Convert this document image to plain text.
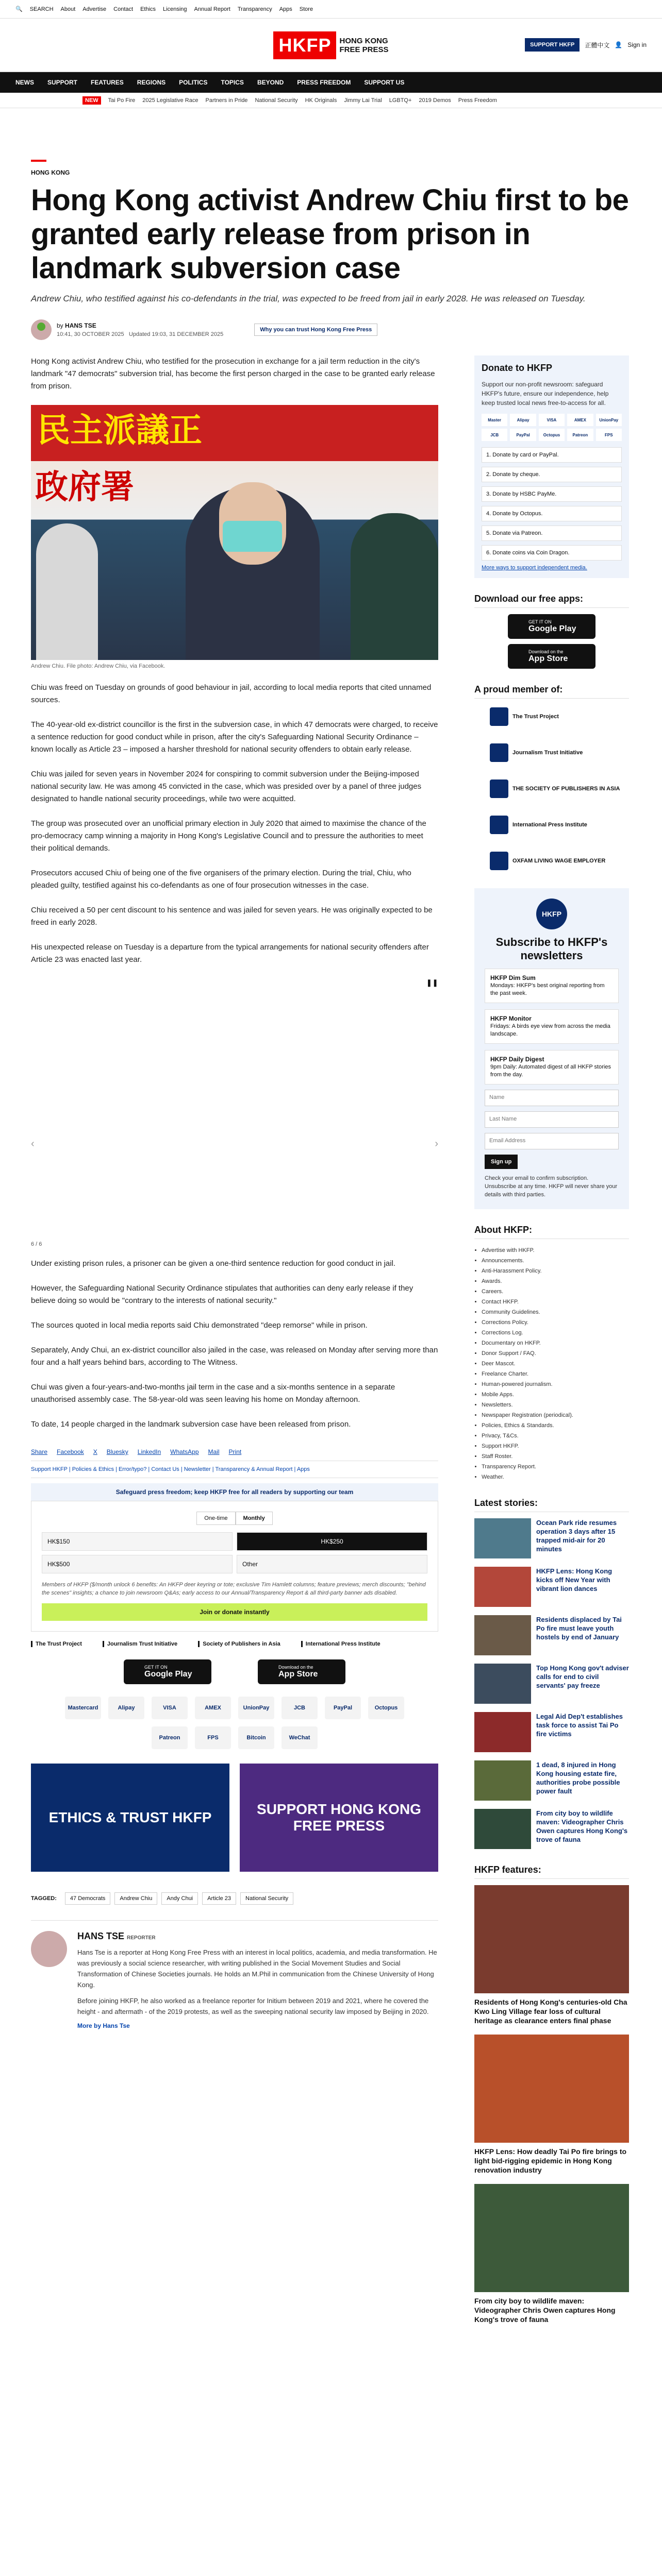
🔍 SEARCH About Advertise Contact Ethics Licensing Annual Report Transparency Apps Store
HKFP	HONG KONG
FREE PRESS
SUPPORT HKFP	正體中文 👤 Sign in
NEWS SUPPORT FEATURES REGIONS POLITICS TOPICS BEYOND PRESS FREEDOM SUPPORT US
NEW	Tai Po Fire 2025 Legislative Race Partners in Pride National Security HK Originals Jimmy Lai Trial LGBTQ+ 2019 Demos Press Freedom
HONG KONG
Hong Kong activist Andrew Chiu first to be granted early release from prison in landmark subversion case

Andrew Chiu, who testified against his co-defendants in the trial, was expected to be freed from jail in early 2028. He was released on Tuesday.

by HANS TSE
10:41, 30 OCTOBER 2025 Updated 19:03, 31 DECEMBER 2025
Why you can trust Hong Kong Free Press

Hong Kong activist Andrew Chiu, who testified for the prosecution in exchange for a jail term reduction in the city's landmark "47 democrats" subversion trial, has become the first person charged in the case to be granted early release from prison.

民主派議正
政府署
Andrew Chiu. File photo: Andrew Chiu, via Facebook.

Chiu was freed on Tuesday on grounds of good behaviour in jail, according to local media reports that cited unnamed sources.

The 40-year-old ex-district councillor is the first in the subversion case, in which 47 democrats were charged, to receive a sentence reduction for good conduct while in prison, after the city's Safeguarding National Security Ordinance – known locally as Article 23 – imposed a harsher threshold for national security offenders to obtain early release.

Chiu was jailed for seven years in November 2024 for conspiring to commit subversion under the Beijing-imposed national security law. He was among 45 convicted in the case, which was presided over by a panel of three judges designated to handle national security proceedings, while two were acquitted.

The group was prosecuted over an unofficial primary election in July 2020 that aimed to maximise the chance of the pro-democracy camp winning a majority in Hong Kong's Legislative Council and to pressure the authorities to meet their political demands.

Prosecutors accused Chiu of being one of the five organisers of the primary election. During the trial, Chiu, who pleaded guilty, testified against his co-defendants as one of four prosecution witnesses in the case.

Chiu received a 50 per cent discount to his sentence and was jailed for seven years. He was originally expected to be freed in early 2028.

His unexpected release on Tuesday is a departure from the typical arrangements for national security offenders after Article 23 was enacted last year.

‹	›
❚❚
6 / 6

Under existing prison rules, a prisoner can be given a one-third sentence reduction for good conduct in jail.

However, the Safeguarding National Security Ordinance stipulates that authorities can deny early release if they believe doing so would be "contrary to the interests of national security."

The sources quoted in local media reports said Chiu demonstrated "deep remorse" while in prison.

Separately, Andy Chui, an ex-district councillor also jailed in the case, was released on Monday after serving more than four and a half years behind bars, according to The Witness.

Chui was given a four-years-and-two-months jail term in the case and a six-months sentence in a separate unauthorised assembly case. The 58-year-old was seen leaving his home on Monday afternoon.

To date, 14 people charged in the landmark subversion case have been released from prison.

Share Facebook X Bluesky LinkedIn WhatsApp Mail Print
Support HKFP | Policies & Ethics | Error/typo? | Contact Us | Newsletter | Transparency & Annual Report | Apps
Safeguard press freedom; keep HKFP free for all readers by supporting our team
One-time	Monthly
HK$150	HK$250
HK$500	Other
Members of HKFP ($/month unlock 6 benefits: An HKFP deer keyring or tote; exclusive Tim Hamlett columns; feature previews; merch discounts; "behind the scenes" insights; a chance to join newsroom Q&As; early access to our Annual/Transparency Report & all third-party banner ads disabled.
Join or donate instantly
The Trust Project	Journalism Trust Initiative	Society of Publishers in Asia	International Press Institute
GET IT ON
Google Play
Download on the
App Store
Mastercard	Alipay	VISA	AMEX	UnionPay	JCB	PayPal	Octopus
Patreon	FPS	Bitcoin	WeChat
ETHICS & TRUST HKFP
SUPPORT HONG KONG FREE PRESS
TAGGED:	47 Democrats	Andrew Chiu	Andy Chui	Article 23	National Security
HANS TSE REPORTER

Hans Tse is a reporter at Hong Kong Free Press with an interest in local politics, academia, and media transformation. He was previously a social science researcher, with writing published in the Social Movement Studies and Social Transformation of Chinese Societies journals. He holds an M.Phil in communication from the Chinese University of Hong Kong.

Before joining HKFP, he also worked as a freelance reporter for Initium between 2019 and 2021, where he covered the height - and aftermath - of the 2019 protests, as well as the sweeping national security law imposed by Beijing in 2020.

More by Hans Tse
Donate to HKFP
Support our non-profit newsroom: safeguard HKFP's future, ensure our independence, help keep trusted local news free-to-access for all.
Master	Alipay	VISA	AMEX	UnionPay
JCB	PayPal	Octopus	Patreon	FPS
1. Donate by card or PayPal.
2. Donate by cheque.
3. Donate by HSBC PayMe.
4. Donate by Octopus.
5. Donate via Patreon.
6. Donate coins via Coin Dragon.
More ways to support independent media.
Download our free apps:
GET IT ON
Google Play
Download on the
App Store
A proud member of:
The Trust Project
Journalism Trust Initiative
THE SOCIETY OF PUBLISHERS IN ASIA
International Press Institute
OXFAM LIVING WAGE EMPLOYER
HKFP
Subscribe to HKFP's newsletters
HKFP Dim Sum
Mondays: HKFP's best original reporting from the past week.
HKFP Monitor
Fridays: A birds eye view from across the media landscape.
HKFP Daily Digest
9pm Daily: Automated digest of all HKFP stories from the day.
Name
Last Name
Email Address
Sign up
Check your email to confirm subscription. Unsubscribe at any time. HKFP will never share your details with third parties.
About HKFP:
• Advertise with HKFP.
• Announcements.
• Anti-Harassment Policy.
• Awards.
• Careers.
• Contact HKFP.
• Community Guidelines.
• Corrections Policy.
• Corrections Log.
• Documentary on HKFP.
• Donor Support / FAQ.
• Deer Mascot.
• Freelance Charter.
• Human-powered journalism.
• Mobile Apps.
• Newsletters.
• Newspaper Registration (periodical).
• Policies, Ethics & Standards.
• Privacy, T&Cs.
• Support HKFP.
• Staff Roster.
• Transparency Report.
• Weather.
Latest stories:
Ocean Park ride resumes operation 3 days after 15 trapped mid-air for 20 minutes
HKFP Lens: Hong Kong kicks off New Year with vibrant lion dances
Residents displaced by Tai Po fire must leave youth hostels by end of January
Top Hong Kong gov't adviser calls for end to civil servants' pay freeze
Legal Aid Dep't establishes task force to assist Tai Po fire victims
1 dead, 8 injured in Hong Kong housing estate fire, authorities probe possible power fault
From city boy to wildlife maven: Videographer Chris Owen captures Hong Kong's trove of fauna
HKFP features:
Residents of Hong Kong's centuries-old Cha Kwo Ling Village fear loss of cultural heritage as clearance enters final phase
HKFP Lens: How deadly Tai Po fire brings to light bid-rigging epidemic in Hong Kong renovation industry
From city boy to wildlife maven: Videographer Chris Owen captures Hong Kong's trove of fauna
